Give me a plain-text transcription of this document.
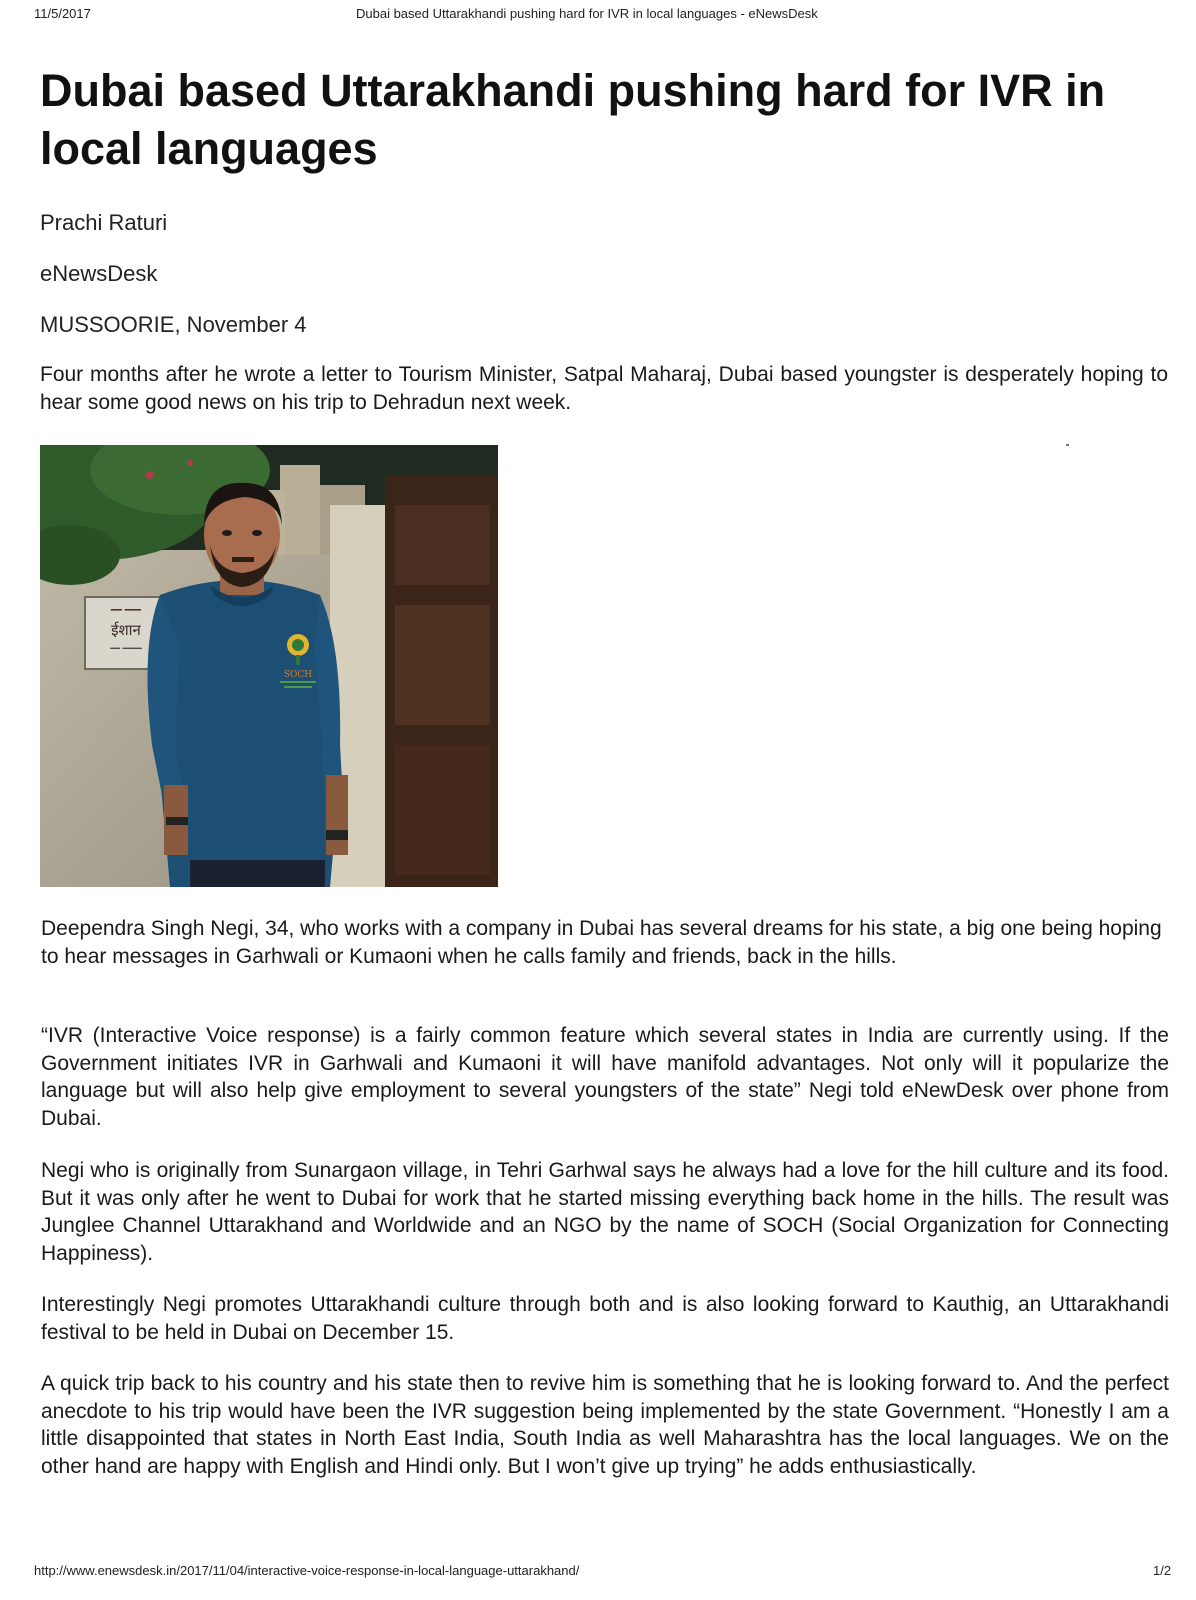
11/5/2017	Dubai based Uttarakhandi pushing hard for IVR in local languages - eNewsDesk
Dubai based Uttarakhandi pushing hard for IVR in local languages
Prachi Raturi
eNewsDesk
MUSSOORIE, November 4

Four months after he wrote a letter to Tourism Minister, Satpal Maharaj, Dubai based youngster is desperately hoping to hear some good news on his trip to Dehradun next week.

━━ ━━━
ईशान
━━ ━━━━
SOCH

Deependra Singh Negi, 34, who works with a company in Dubai has several dreams for his state, a big one being hoping to hear messages in Garhwali or Kumaoni when he calls family and friends, back in the hills.

“IVR (Interactive Voice response) is a fairly common feature which several states in India are currently using. If the Government initiates IVR in Garhwali and Kumaoni it will have manifold advantages. Not only will it popularize the language but will also help give employment to several youngsters of the state” Negi told eNewDesk over phone from Dubai.

Negi who is originally from Sunargaon village, in Tehri Garhwal says he always had a love for the hill culture and its food. But it was only after he went to Dubai for work that he started missing everything back home in the hills. The result was Junglee Channel Uttarakhand and Worldwide and an NGO by the name of SOCH (Social Organization for Connecting Happiness).

Interestingly Negi promotes Uttarakhandi culture through both and is also looking forward to Kauthig, an Uttarakhandi festival to be held in Dubai on December 15.

A quick trip back to his country and his state then to revive him is something that he is looking forward to. And the perfect anecdote to his trip would have been the IVR suggestion being implemented by the state Government. “Honestly I am a little disappointed that states in North East India, South India as well Maharashtra has the local languages. We on the other hand are happy with English and Hindi only. But I won’t give up trying” he adds enthusiastically.

http://www.enewsdesk.in/2017/11/04/interactive-voice-response-in-local-language-uttarakhand/	1/2
